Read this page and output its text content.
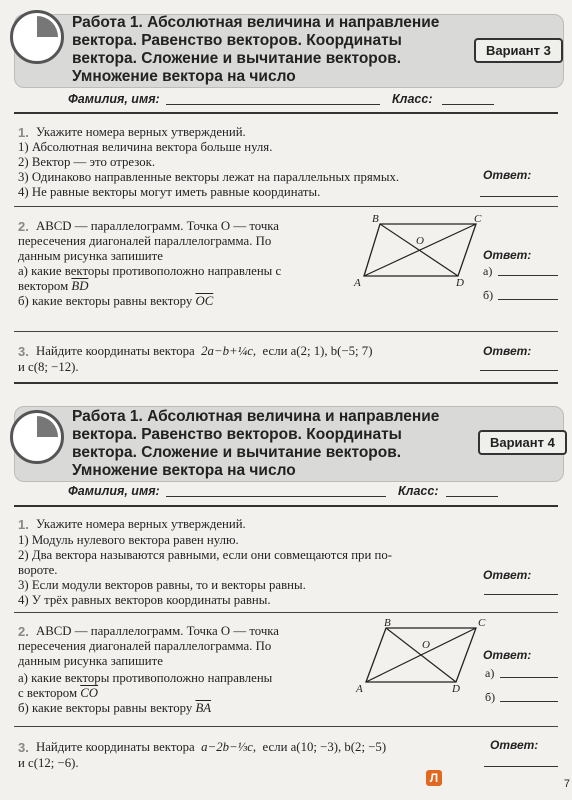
Работа 1. Абсолютная величина и направление
вектора. Равенство векторов. Координаты
вектора. Сложение и вычитание векторов.
Умножение вектора на число
Вариант 3
Фамилия, имя:	Класс:
1. Укажите номера верных утверждений.
1) Абсолютная величина вектора больше нуля.
2) Вектор — это отрезок.
3) Одинаково направленные векторы лежат на параллельных прямых.
4) Не равные векторы могут иметь равные координаты.
Ответ:
2. ABCD — параллелограмм. Точка O — точка
пересечения диагоналей параллелограмма. По
данным рисунка запишите
а) какие векторы противоположно направлены с
вектором $\overline{BD}$
б) какие векторы равны вектору $\overline{OC}$
B	C
A	D
O
Ответ:
а)
б)
3. Найдите координаты вектора 2a−b+¼c, если a(2; 1), b(−5; 7)
и c(8; −12).
Ответ:
Работа 1. Абсолютная величина и направление
вектора. Равенство векторов. Координаты
вектора. Сложение и вычитание векторов.
Умножение вектора на число
Вариант 4
Фамилия, имя:	Класс:
1. Укажите номера верных утверждений.
1) Модуль нулевого вектора равен нулю.
2) Два вектора называются равными, если они совмещаются при по-
вороте.
3) Если модули векторов равны, то и векторы равны.
4) У трёх равных векторов координаты равны.
Ответ:
2. ABCD — параллелограмм. Точка O — точка
пересечения диагоналей параллелограмма. По
данным рисунка запишите
а) какие векторы противоположно направлены
с вектором $\overline{CO}$
б) какие векторы равны вектору $\overline{BA}$
B	C
A	D
O
Ответ:
а)
б)
3. Найдите координаты вектора a−2b−⅓c, если a(10; −3), b(2; −5)
и c(12; −6).
Ответ:
Л	7
